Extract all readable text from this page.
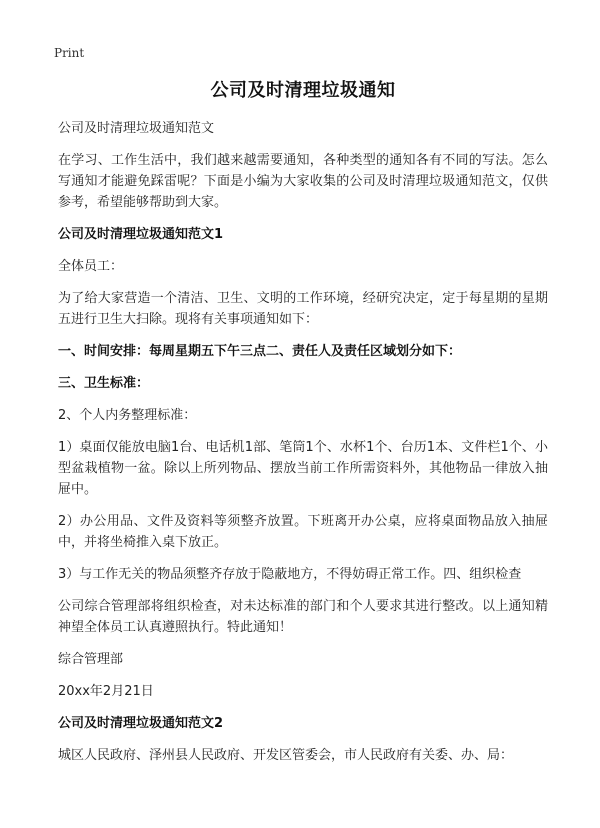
Print
公司及时清理垃圾通知
公司及时清理垃圾通知范文
在学习、工作生活中，我们越来越需要通知，各种类型的通知各有不同的写法。怎么写通知才能避免踩雷呢？下面是小编为大家收集的公司及时清理垃圾通知范文，仅供参考，希望能够帮助到大家。
公司及时清理垃圾通知范文1
全体员工：
为了给大家营造一个清洁、卫生、文明的工作环境，经研究决定，定于每星期的星期五进行卫生大扫除。现将有关事项通知如下：
一、时间安排：每周星期五下午三点二、责任人及责任区域划分如下：
三、卫生标准：
2、个人内务整理标准：
1）桌面仅能放电脑1台、电话机1部、笔筒1个、水杯1个、台历1本、文件栏1个、小型盆栽植物一盆。除以上所列物品、摆放当前工作所需资料外，其他物品一律放入抽屉中。
2）办公用品、文件及资料等须整齐放置。下班离开办公桌，应将桌面物品放入抽屉中，并将坐椅推入桌下放正。
3）与工作无关的物品须整齐存放于隐蔽地方，不得妨碍正常工作。四、组织检查
公司综合管理部将组织检查，对未达标准的部门和个人要求其进行整改。以上通知精神望全体员工认真遵照执行。特此通知！
综合管理部
20xx年2月21日
公司及时清理垃圾通知范文2
城区人民政府、泽州县人民政府、开发区管委会，市人民政府有关委、办、局：
